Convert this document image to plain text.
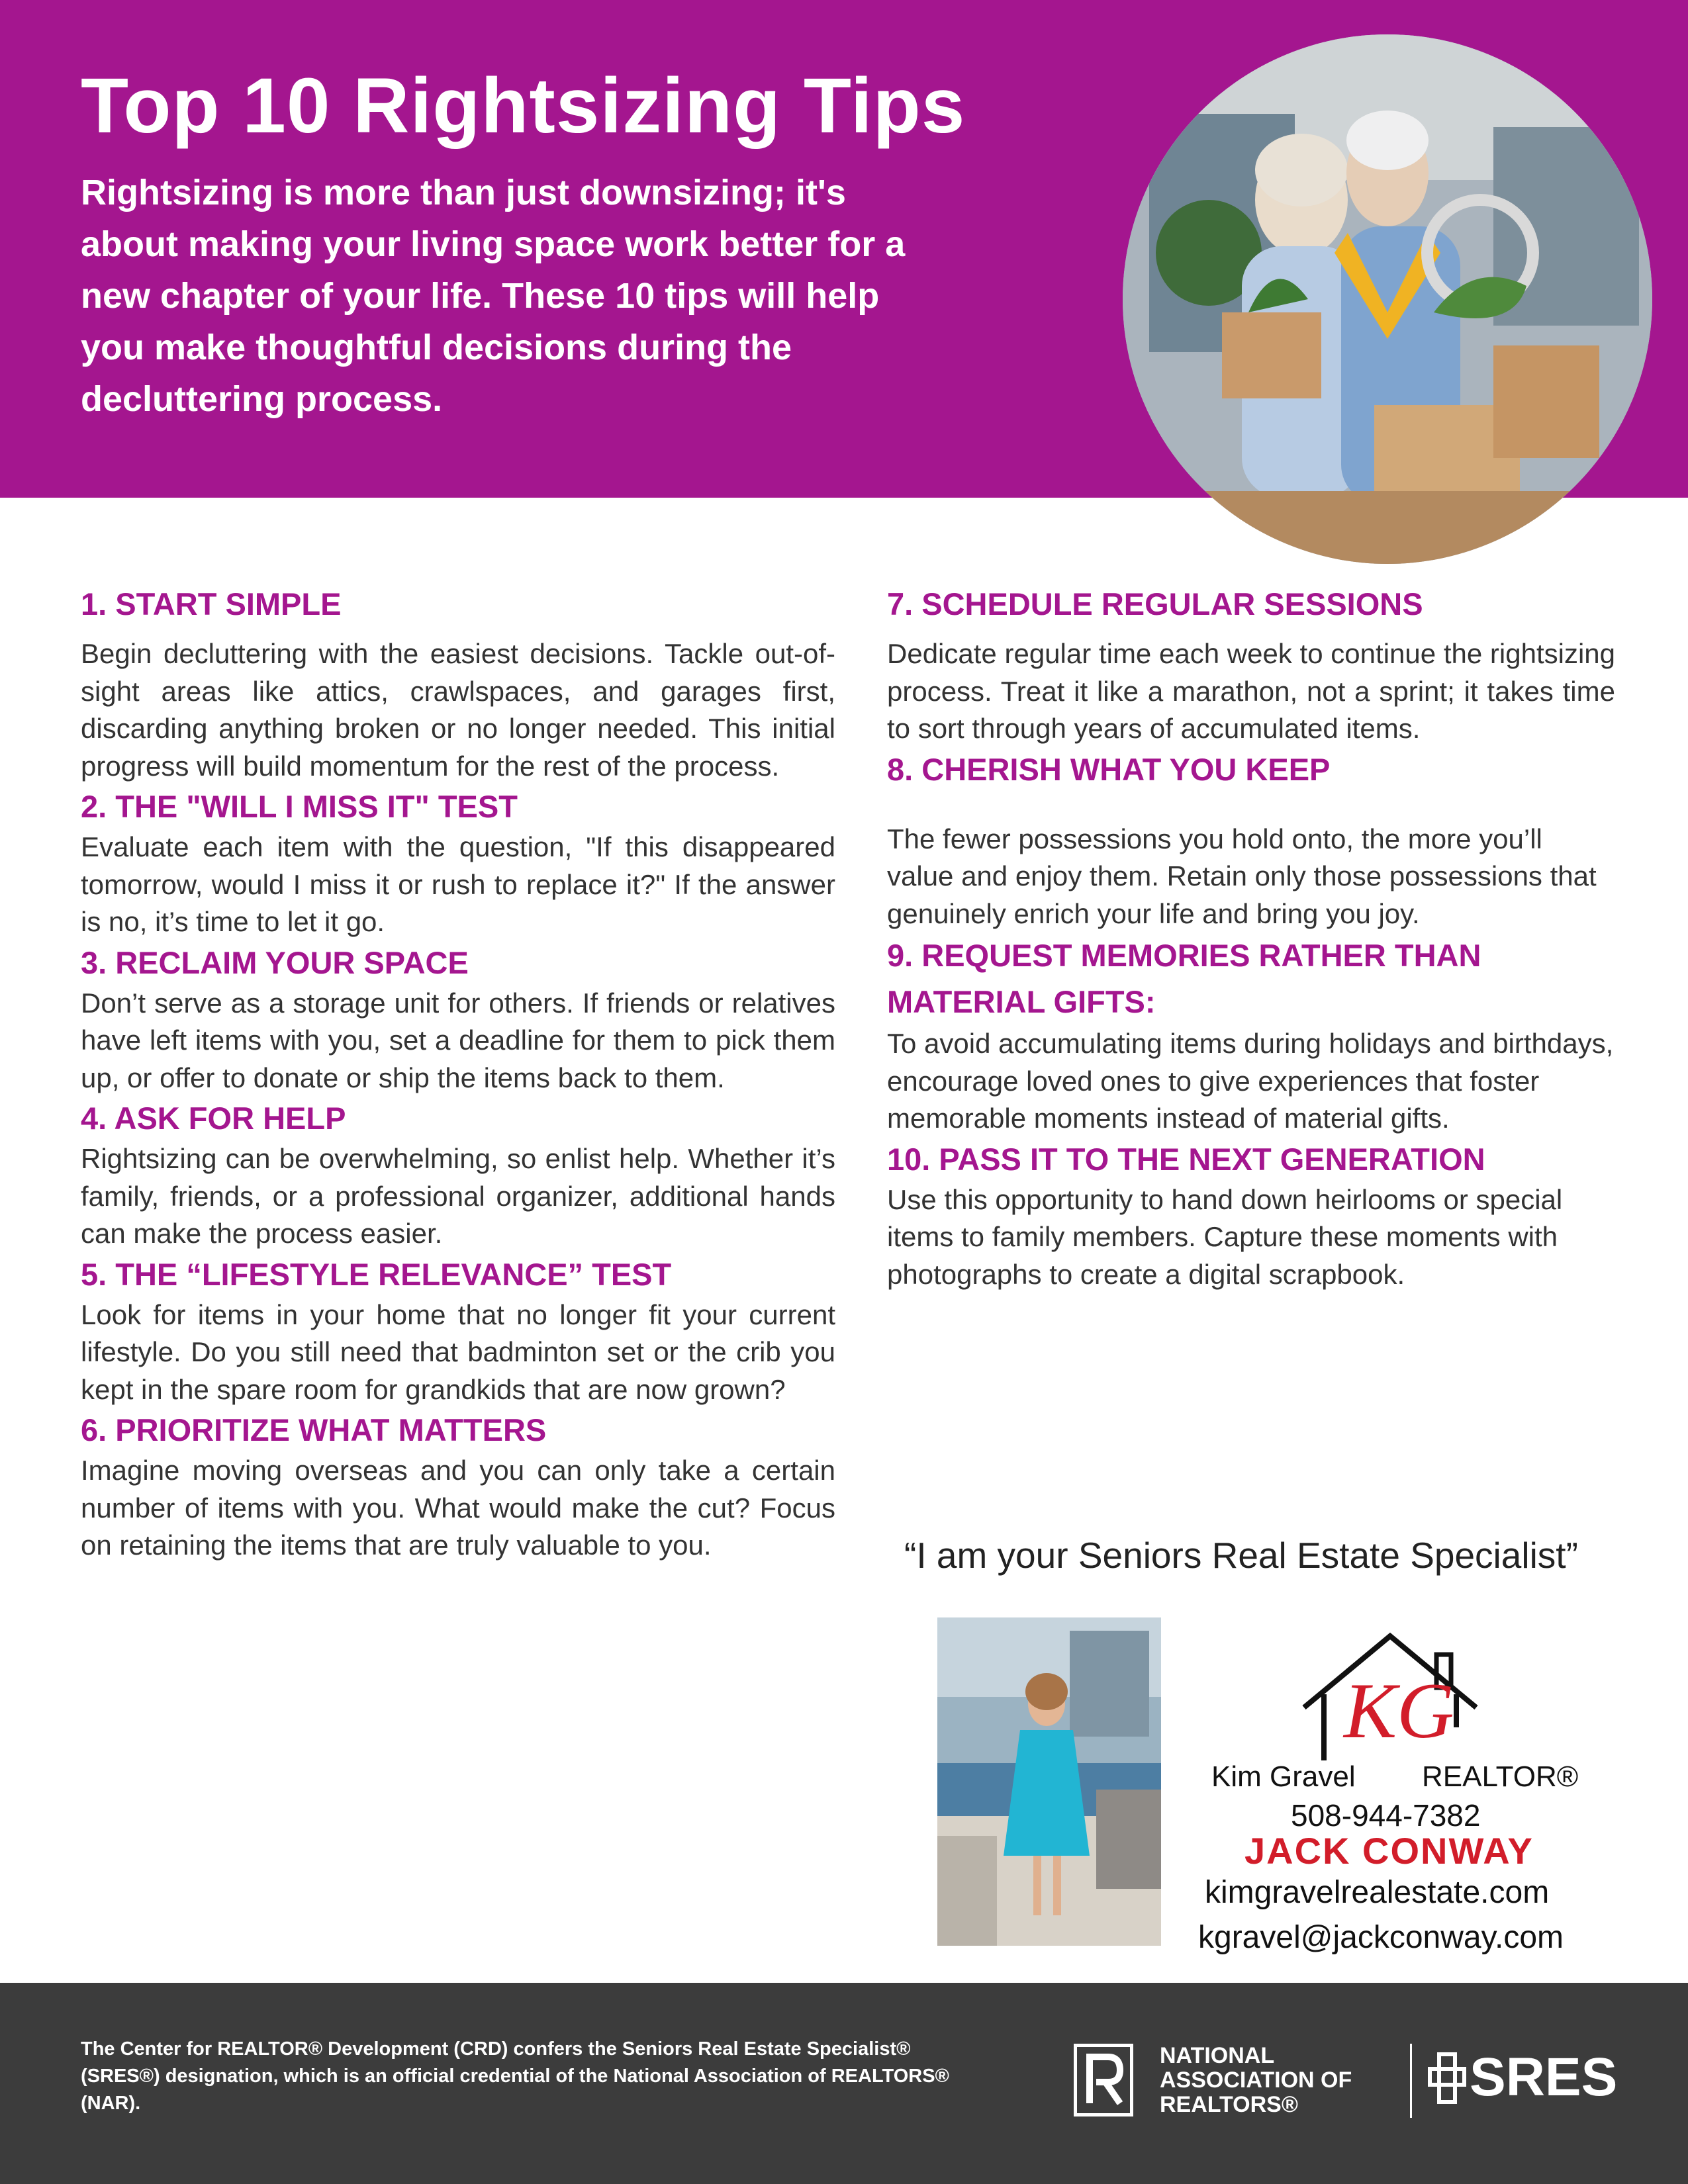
Top 10 Rightsizing Tips

Rightsizing is more than just downsizing; it's
about making your living space work better for a
new chapter of your life. These 10 tips will help
you make thoughtful decisions during the
decluttering process.

1. START SIMPLE

Begin decluttering with the easiest decisions. Tackle out-of-sight areas like attics, crawlspaces, and garages first, discarding anything broken or no longer needed. This initial progress will build momentum for the rest of the process.

2. THE "WILL I MISS IT" TEST

Evaluate each item with the question, "If this disappeared tomorrow, would I miss it or rush to replace it?" If the answer is no, it’s time to let it go.

3. RECLAIM YOUR SPACE

Don’t serve as a storage unit for others. If friends or relatives have left items with you, set a deadline for them to pick them up, or offer to donate or ship the items back to them.

4. ASK FOR HELP

Rightsizing can be overwhelming, so enlist help. Whether it’s family, friends, or a professional organizer, additional hands can make the process easier.

5. THE “LIFESTYLE RELEVANCE” TEST

Look for items in your home that no longer fit your current lifestyle. Do you still need that badminton set or the crib you kept in the spare room for grandkids that are now grown?

6. PRIORITIZE WHAT MATTERS

Imagine moving overseas and you can only take a certain number of items with you. What would make the cut? Focus on retaining the items that are truly valuable to you.

7. SCHEDULE REGULAR SESSIONS

Dedicate regular time each week to continue the rightsizing process. Treat it like a marathon, not a sprint; it takes time to sort through years of accumulated items.

8. CHERISH WHAT YOU KEEP

The fewer possessions you hold onto, the more you’ll value and enjoy them. Retain only those possessions that genuinely enrich your life and bring you joy.

9. REQUEST MEMORIES RATHER THAN
MATERIAL GIFTS:

To avoid accumulating items during holidays and birthdays, encourage loved ones to give experiences that foster memorable moments instead of material gifts.

10. PASS IT TO THE NEXT GENERATION

Use this opportunity to hand down heirlooms or special items to family members. Capture these moments with photographs to create a digital scrapbook.

“I am your Seniors Real Estate Specialist”

KG

Kim Gravel REALTOR®

508-944-7382

JACK CONWAY

kimgravelrealestate.com

kgravel@jackconway.com

The Center for REALTOR® Development (CRD) confers the Seniors Real Estate Specialist® (SRES®) designation, which is an official credential of the National Association of REALTORS® (NAR).

NATIONAL
ASSOCIATION OF
REALTORS®	SRES
